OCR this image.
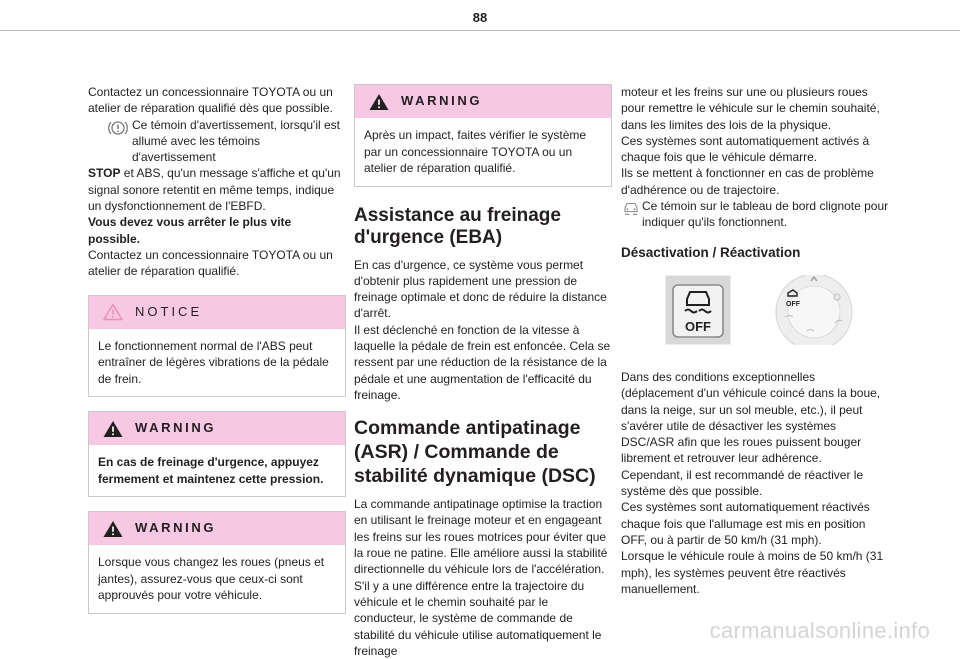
88

Contactez un concessionnaire TOYOTA ou un atelier de réparation qualifié dès que possible.

Ce témoin d'avertissement, lorsqu'il est allumé avec les témoins d'avertissement

STOP et ABS, qu'un message s'affiche et qu'un signal sonore retentit en même temps, indique un dysfonctionnement de l'EBFD.

Vous devez vous arrêter le plus vite possible.

Contactez un concessionnaire TOYOTA ou un atelier de réparation qualifié.

NOTICE
Le fonctionnement normal de l'ABS peut entraîner de légères vibrations de la pédale de frein.
WARNING
En cas de freinage d'urgence, appuyez fermement et maintenez cette pression.
WARNING
Lorsque vous changez les roues (pneus et jantes), assurez-vous que ceux-ci sont approuvés pour votre véhicule.
WARNING
Après un impact, faites vérifier le système par un concessionnaire TOYOTA ou un atelier de réparation qualifié.
Assistance au freinage d'urgence (EBA)

En cas d'urgence, ce système vous permet d'obtenir plus rapidement une pression de freinage optimale et donc de réduire la distance d'arrêt.

Il est déclenché en fonction de la vitesse à laquelle la pédale de frein est enfoncée. Cela se ressent par une réduction de la résistance de la pédale et une augmentation de l'efficacité du freinage.

Commande antipatinage (ASR) / Commande de stabilité dynamique (DSC)

La commande antipatinage optimise la traction en utilisant le freinage moteur et en engageant les freins sur les roues motrices pour éviter que la roue ne patine. Elle améliore aussi la stabilité directionnelle du véhicule lors de l'accélération. S'il y a une différence entre la trajectoire du véhicule et le chemin souhaité par le conducteur, le système de commande de stabilité du véhicule utilise automatiquement le freinage

moteur et les freins sur une ou plusieurs roues pour remettre le véhicule sur le chemin souhaité, dans les limites des lois de la physique.

Ces systèmes sont automatiquement activés à chaque fois que le véhicule démarre.

Ils se mettent à fonctionner en cas de problème d'adhérence ou de trajectoire.

Ce témoin sur le tableau de bord clignote pour indiquer qu'ils fonctionnent.

Désactivation / Réactivation
OFF
OFF

Dans des conditions exceptionnelles (déplacement d'un véhicule coincé dans la boue, dans la neige, sur un sol meuble, etc.), il peut s'avérer utile de désactiver les systèmes DSC/ASR afin que les roues puissent bouger librement et retrouver leur adhérence.

Cependant, il est recommandé de réactiver le système dès que possible.

Ces systèmes sont automatiquement réactivés chaque fois que l'allumage est mis en position OFF, ou à partir de 50 km/h (31 mph).

Lorsque le véhicule roule à moins de 50 km/h (31 mph), les systèmes peuvent être réactivés manuellement.

carmanualsonline.info
